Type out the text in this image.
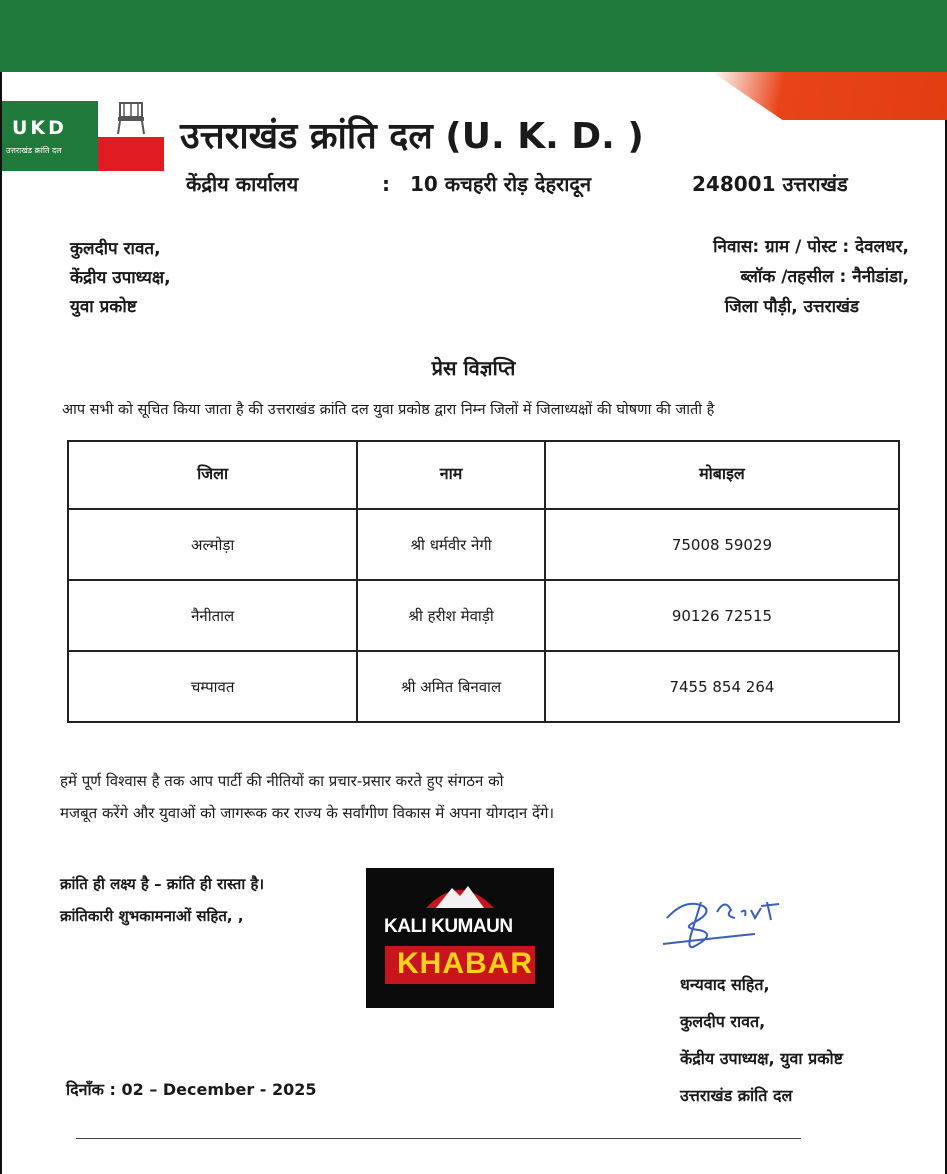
UKD
उत्तराखंड क्रांति दल	उत्तराखंड क्रांति दल (U. K. D. )
केंद्रीय कार्यालय	: 10 कचहरी रोड़ देहरादून	248001 उत्तराखंड
कुलदीप रावत,
केंद्रीय उपाध्यक्ष,
युवा प्रकोष्ट
निवास: ग्राम / पोस्ट : देवलधर,
ब्लॉक /तहसील : नैनीडांडा,
जिला पौड़ी, उत्तराखंड
प्रेस विज्ञप्ति
आप सभी को सूचित किया जाता है की उत्तराखंड क्रांति दल युवा प्रकोष्ठ द्वारा निम्न जिलों में जिलाध्यक्षों की घोषणा की जाती है
जिला	नाम	मोबाइल
अल्मोड़ा	श्री धर्मवीर नेगी	75008 59029
नैनीताल	श्री हरीश मेवाड़ी	90126 72515
चम्पावत	श्री अमित बिनवाल	7455 854 264
हमें पूर्ण विश्वास है तक आप पार्टी की नीतियों का प्रचार-प्रसार करते हुए संगठन को
मजबूत करेंगे और युवाओं को जागरूक कर राज्य के सर्वांगीण विकास में अपना योगदान देंगे।
क्रांति ही लक्ष्य है – क्रांति ही रास्ता है।
क्रांतिकारी शुभकामनाओं सहित, ,	KALI KUMAUN
KHABAR
धन्यवाद सहित,
कुलदीप रावत,
केंद्रीय उपाध्यक्ष, युवा प्रकोष्ट
उत्तराखंड क्रांति दल
दिनाँक : 02 – December - 2025
